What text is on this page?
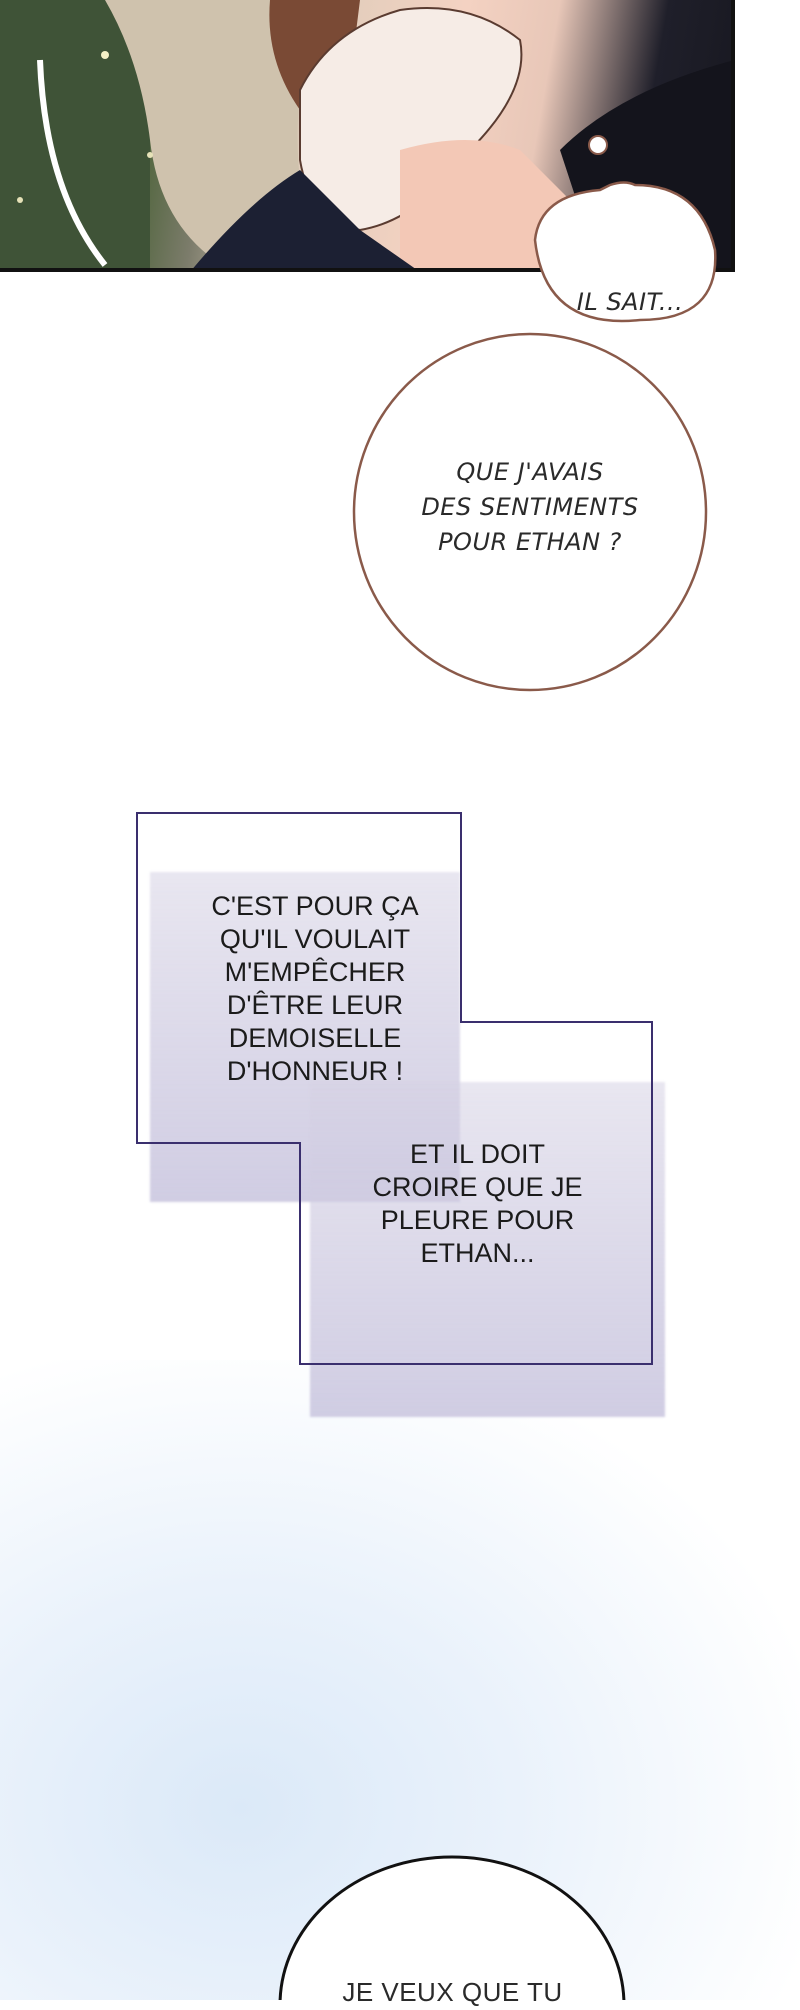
IL SAIT...
QUE J'AVAIS
DES SENTIMENTS
POUR ETHAN ?
C'EST POUR ÇA
QU'IL VOULAIT
M'EMPÊCHER
D'ÊTRE LEUR
DEMOISELLE
D'HONNEUR !
ET IL DOIT
CROIRE QUE JE
PLEURE POUR
ETHAN...
JE VEUX QUE TU
